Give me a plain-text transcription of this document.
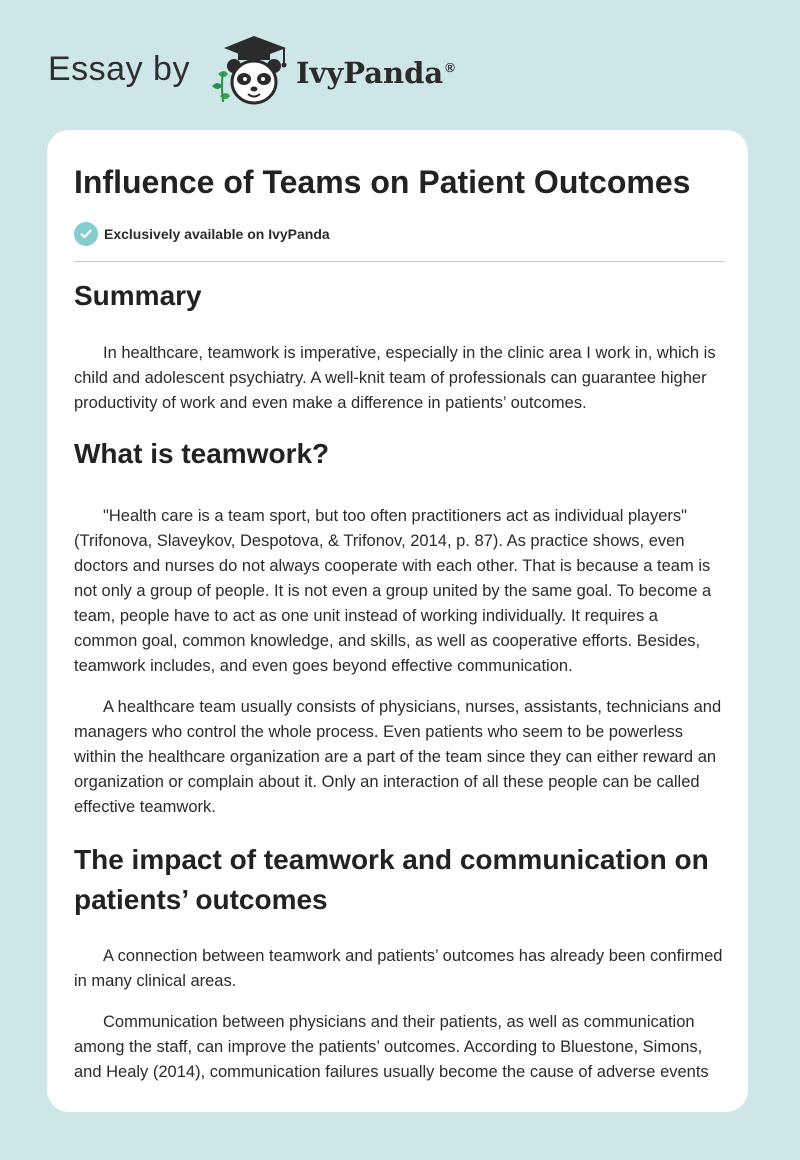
Essay by	IvyPanda ®
Influence of Teams on Patient Outcomes
Exclusively available on IvyPanda
Summary

In healthcare, teamwork is imperative, especially in the clinic area I work in, which is child and adolescent psychiatry. A well-knit team of professionals can guarantee higher productivity of work and even make a difference in patients’ outcomes.

What is teamwork?

"Health care is a team sport, but too often practitioners act as individual players" (Trifonova, Slaveykov, Despotova, & Trifonov, 2014, p. 87). As practice shows, even doctors and nurses do not always cooperate with each other. That is because a team is not only a group of people. It is not even a group united by the same goal. To become a team, people have to act as one unit instead of working individually. It requires a common goal, common knowledge, and skills, as well as cooperative efforts. Besides, teamwork includes, and even goes beyond effective communication.

A healthcare team usually consists of physicians, nurses, assistants, technicians and managers who control the whole process. Even patients who seem to be powerless within the healthcare organization are a part of the team since they can either reward an organization or complain about it. Only an interaction of all these people can be called effective teamwork.

The impact of teamwork and communication on patients’ outcomes

A connection between teamwork and patients’ outcomes has already been confirmed in many clinical areas.

Communication between physicians and their patients, as well as communication among the staff, can improve the patients’ outcomes. According to Bluestone, Simons, and Healy (2014), communication failures usually become the cause of adverse events
